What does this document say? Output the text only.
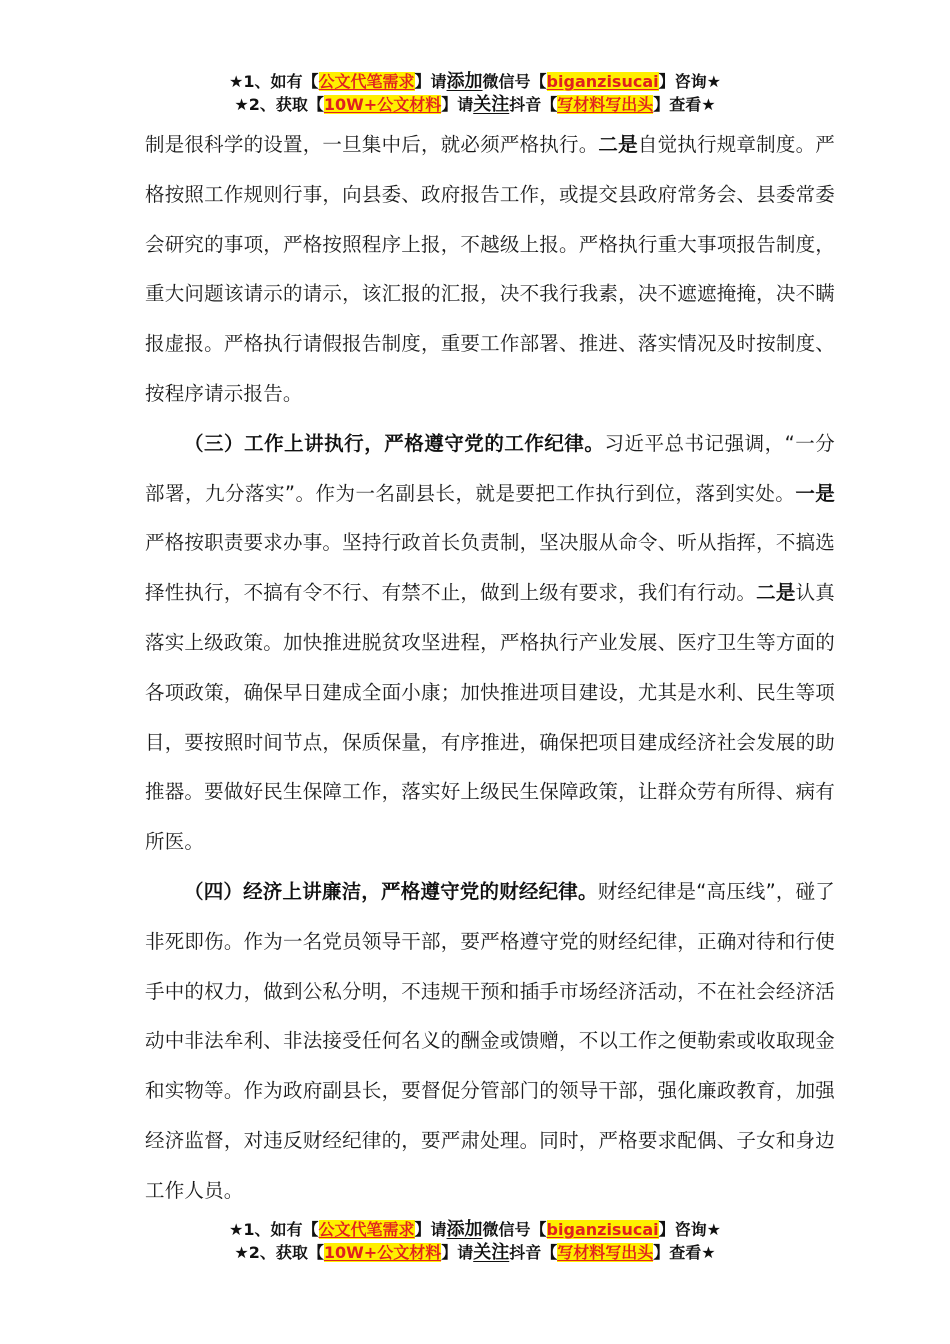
★1、如有【公文代笔需求】请添加微信号【biganzisucai】咨询★
★2、获取【10W+公文材料】请关注抖音【写材料写出头】查看★

制是很科学的设置，一旦集中后，就必须严格执行。二是自觉执行规章制度。严格按照工作规则行事，向县委、政府报告工作，或提交县政府常务会、县委常委会研究的事项，严格按照程序上报，不越级上报。严格执行重大事项报告制度，重大问题该请示的请示，该汇报的汇报，决不我行我素，决不遮遮掩掩，决不瞒报虚报。严格执行请假报告制度，重要工作部署、推进、落实情况及时按制度、按程序请示报告。

（三）工作上讲执行，严格遵守党的工作纪律。习近平总书记强调，“一分部署，九分落实”。作为一名副县长，就是要把工作执行到位，落到实处。一是严格按职责要求办事。坚持行政首长负责制，坚决服从命令、听从指挥，不搞选择性执行，不搞有令不行、有禁不止，做到上级有要求，我们有行动。二是认真落实上级政策。加快推进脱贫攻坚进程，严格执行产业发展、医疗卫生等方面的各项政策，确保早日建成全面小康；加快推进项目建设，尤其是水利、民生等项目，要按照时间节点，保质保量，有序推进，确保把项目建成经济社会发展的助推器。要做好民生保障工作，落实好上级民生保障政策，让群众劳有所得、病有所医。

（四）经济上讲廉洁，严格遵守党的财经纪律。财经纪律是“高压线”，碰了非死即伤。作为一名党员领导干部，要严格遵守党的财经纪律，正确对待和行使手中的权力，做到公私分明，不违规干预和插手市场经济活动，不在社会经济活动中非法牟利、非法接受任何名义的酬金或馈赠，不以工作之便勒索或收取现金和实物等。作为政府副县长，要督促分管部门的领导干部，强化廉政教育，加强经济监督，对违反财经纪律的，要严肃处理。同时，严格要求配偶、子女和身边工作人员。

★1、如有【公文代笔需求】请添加微信号【biganzisucai】咨询★
★2、获取【10W+公文材料】请关注抖音【写材料写出头】查看★
